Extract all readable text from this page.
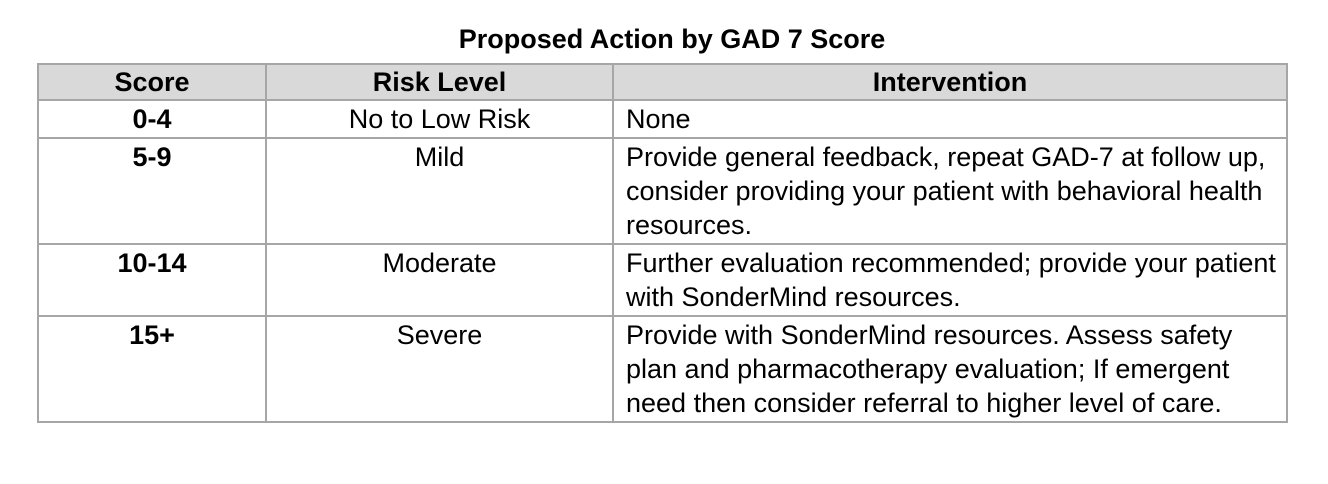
Proposed Action by GAD 7 Score
Score	Risk Level	Intervention
0-4	No to Low Risk	None
5-9	Mild	Provide general feedback, repeat GAD-7 at follow up, consider providing your patient with behavioral health resources.
10-14	Moderate	Further evaluation recommended; provide your patient with SonderMind resources.
15+	Severe	Provide with SonderMind resources. Assess safety plan and pharmacotherapy evaluation; If emergent need then consider referral to higher level of care.
